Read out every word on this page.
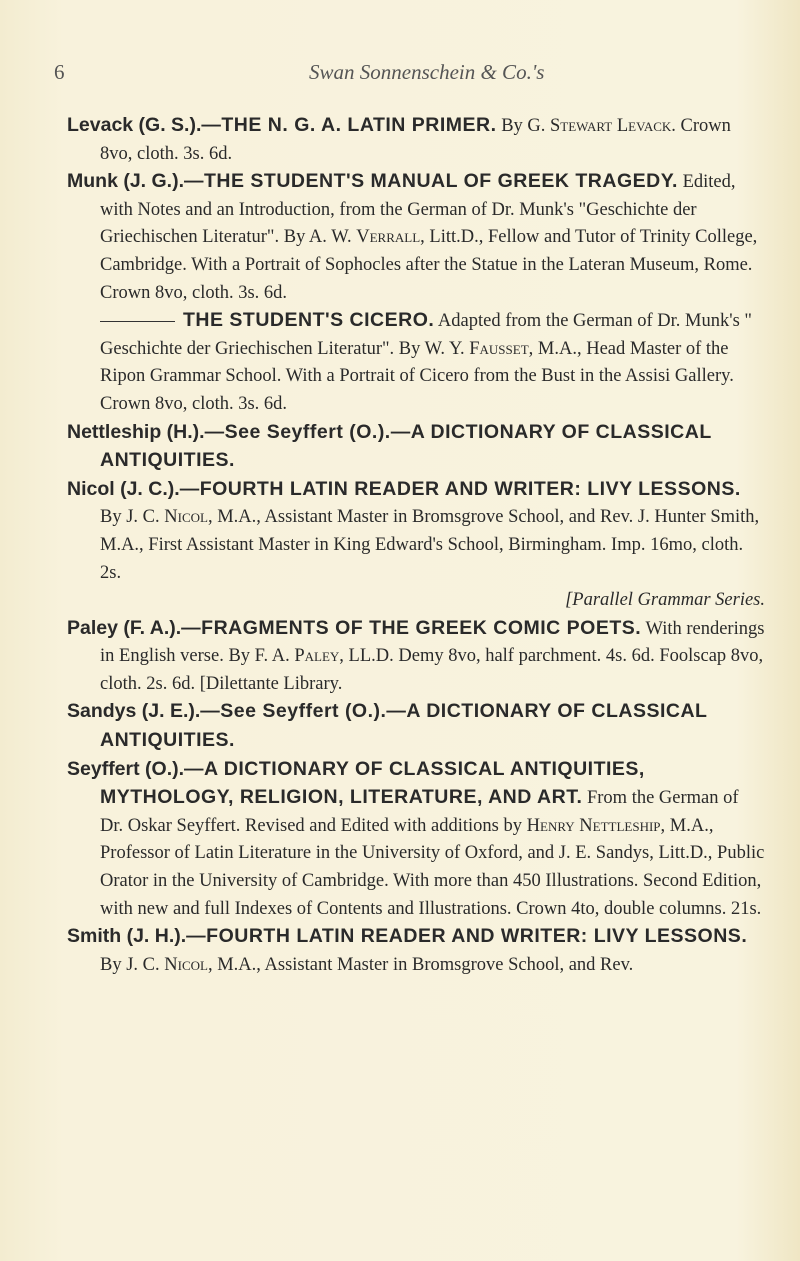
6	Swan Sonnenschein & Co.'s

Levack (G. S.).—THE N. G. A. LATIN PRIMER. By G. Stewart Levack. Crown 8vo, cloth. 3s. 6d.

Munk (J. G.).—THE STUDENT'S MANUAL OF GREEK TRAGEDY. Edited, with Notes and an Introduction, from the German of Dr. Munk's "Geschichte der Griechischen Literatur". By A. W. Verrall, Litt.D., Fellow and Tutor of Trinity College, Cambridge. With a Portrait of Sophocles after the Statue in the Lateran Museum, Rome. Crown 8vo, cloth. 3s. 6d.

THE STUDENT'S CICERO. Adapted from the German of Dr. Munk's " Geschichte der Griechischen Literatur". By W. Y. Fausset, M.A., Head Master of the Ripon Grammar School. With a Portrait of Cicero from the Bust in the Assisi Gallery. Crown 8vo, cloth. 3s. 6d.

Nettleship (H.).—See Seyffert (O.).—A DICTIONARY OF CLASSICAL ANTIQUITIES.

Nicol (J. C.).—FOURTH LATIN READER AND WRITER: LIVY LESSONS. By J. C. Nicol, M.A., Assistant Master in Bromsgrove School, and Rev. J. Hunter Smith, M.A., First Assistant Master in King Edward's School, Birmingham. Imp. 16mo, cloth. 2s.

[Parallel Grammar Series.

Paley (F. A.).—FRAGMENTS OF THE GREEK COMIC POETS. With renderings in English verse. By F. A. Paley, LL.D. Demy 8vo, half parchment. 4s. 6d. Foolscap 8vo, cloth. 2s. 6d. [Dilettante Library.

Sandys (J. E.).—See Seyffert (O.).—A DICTIONARY OF CLASSICAL ANTIQUITIES.

Seyffert (O.).—A DICTIONARY OF CLASSICAL ANTIQUITIES, MYTHOLOGY, RELIGION, LITERATURE, AND ART. From the German of Dr. Oskar Seyffert. Revised and Edited with additions by Henry Nettleship, M.A., Professor of Latin Literature in the University of Oxford, and J. E. Sandys, Litt.D., Public Orator in the University of Cambridge. With more than 450 Illustrations. Second Edition, with new and full Indexes of Contents and Illustrations. Crown 4to, double columns. 21s.

Smith (J. H.).—FOURTH LATIN READER AND WRITER: LIVY LESSONS. By J. C. Nicol, M.A., Assistant Master in Bromsgrove School, and Rev.
